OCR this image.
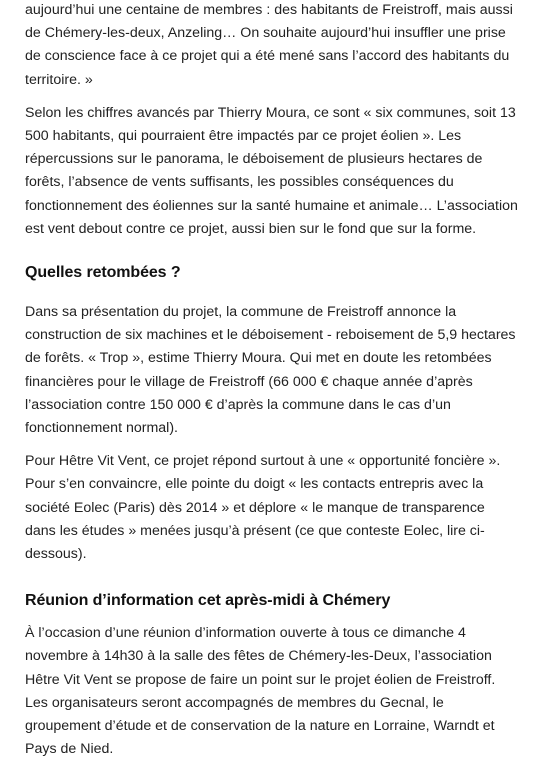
aujourd’hui une centaine de membres : des habitants de Freistroff, mais aussi de Chémery-les-deux, Anzeling… On souhaite aujourd’hui insuffler une prise de conscience face à ce projet qui a été mené sans l’accord des habitants du territoire. »

Selon les chiffres avancés par Thierry Moura, ce sont « six communes, soit 13 500 habitants, qui pourraient être impactés par ce projet éolien ». Les répercussions sur le panorama, le déboisement de plusieurs hectares de forêts, l’absence de vents suffisants, les possibles conséquences du fonctionnement des éoliennes sur la santé humaine et animale… L’association est vent debout contre ce projet, aussi bien sur le fond que sur la forme.

Quelles retombées ?

Dans sa présentation du projet, la commune de Freistroff annonce la construction de six machines et le déboisement - reboisement de 5,9 hectares de forêts. « Trop », estime Thierry Moura. Qui met en doute les retombées financières pour le village de Freistroff (66 000 € chaque année d’après l’association contre 150 000 € d’après la commune dans le cas d’un fonctionnement normal).

Pour Hêtre Vit Vent, ce projet répond surtout à une « opportunité foncière ». Pour s’en convaincre, elle pointe du doigt « les contacts entrepris avec la société Eolec (Paris) dès 2014 » et déplore « le manque de transparence dans les études » menées jusqu’à présent (ce que conteste Eolec, lire ci-dessous).

Réunion d’information cet après-midi à Chémery

À l’occasion d’une réunion d’information ouverte à tous ce dimanche 4 novembre à 14h30 à la salle des fêtes de Chémery-les-Deux, l’association Hêtre Vit Vent se propose de faire un point sur le projet éolien de Freistroff. Les organisateurs seront accompagnés de membres du Gecnal, le groupement d’étude et de conservation de la nature en Lorraine, Warndt et Pays de Nied.
